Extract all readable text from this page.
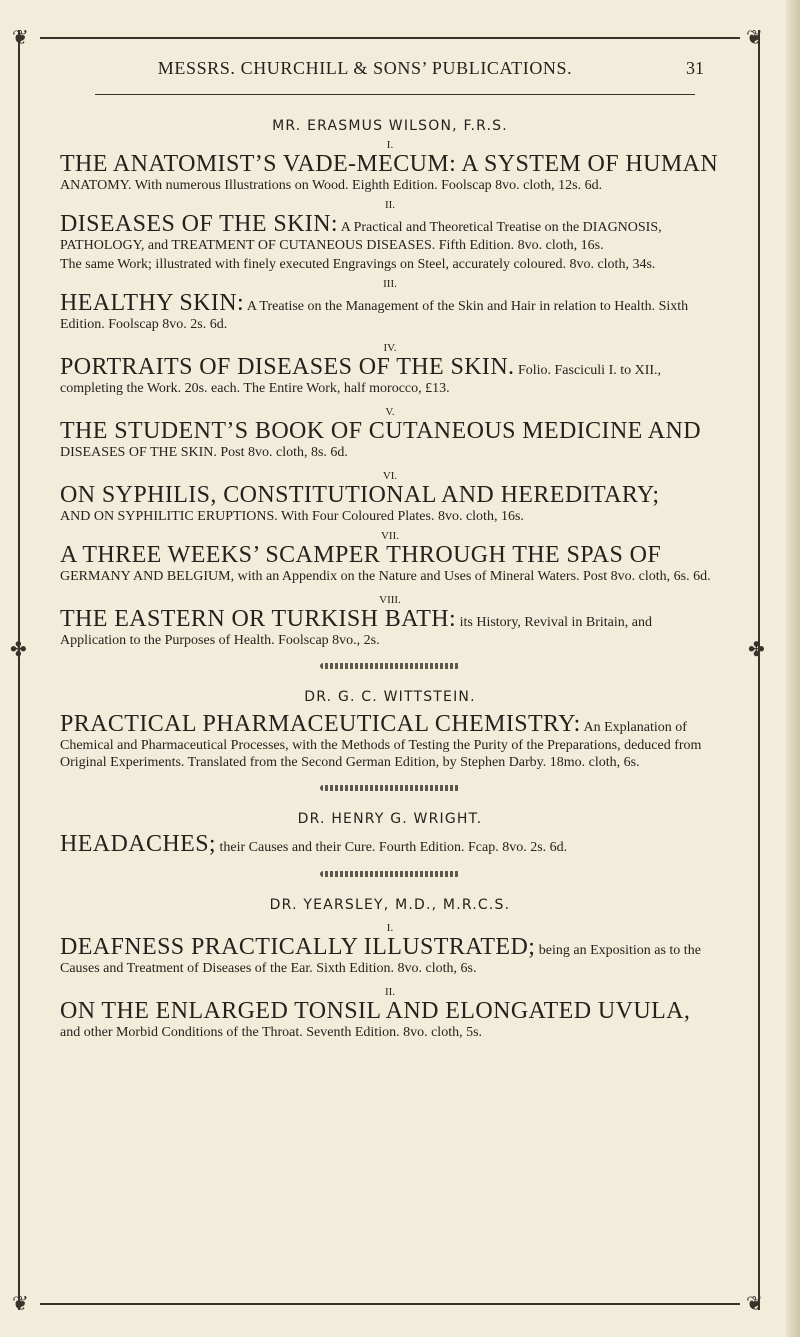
❦	❦
❦	❦
✤	✤
MESSRS. CHURCHILL & SONS’ PUBLICATIONS.	31

MR. ERASMUS WILSON, F.R.S.

I.

THE ANATOMIST’S VADE-MECUM: A SYSTEM OF HUMAN
ANATOMY. With numerous Illustrations on Wood. Eighth Edition. Foolscap 8vo. cloth, 12s. 6d.

II.

DISEASES OF THE SKIN: A Practical and Theoretical Treatise on the DIAGNOSIS, PATHOLOGY, and TREATMENT OF CUTANEOUS DISEASES. Fifth Edition. 8vo. cloth, 16s.

The same Work; illustrated with finely executed Engravings on Steel, accurately coloured. 8vo. cloth, 34s.

III.

HEALTHY SKIN: A Treatise on the Management of the Skin and Hair in relation to Health. Sixth Edition. Foolscap 8vo. 2s. 6d.

IV.

PORTRAITS OF DISEASES OF THE SKIN. Folio. Fasciculi I. to XII., completing the Work. 20s. each. The Entire Work, half morocco, £13.

V.

THE STUDENT’S BOOK OF CUTANEOUS MEDICINE AND
DISEASES OF THE SKIN. Post 8vo. cloth, 8s. 6d.

VI.

ON SYPHILIS, CONSTITUTIONAL AND HEREDITARY;
AND ON SYPHILITIC ERUPTIONS. With Four Coloured Plates. 8vo. cloth, 16s.

VII.

A THREE WEEKS’ SCAMPER THROUGH THE SPAS OF
GERMANY AND BELGIUM, with an Appendix on the Nature and Uses of Mineral Waters. Post 8vo. cloth, 6s. 6d.

VIII.

THE EASTERN OR TURKISH BATH: its History, Revival in Britain, and Application to the Purposes of Health. Foolscap 8vo., 2s.

DR. G. C. WITTSTEIN.

PRACTICAL PHARMACEUTICAL CHEMISTRY: An Explanation of Chemical and Pharmaceutical Processes, with the Methods of Testing the Purity of the Preparations, deduced from Original Experiments. Translated from the Second German Edition, by Stephen Darby. 18mo. cloth, 6s.

DR. HENRY G. WRIGHT.

HEADACHES; their Causes and their Cure. Fourth Edition. Fcap. 8vo. 2s. 6d.

DR. YEARSLEY, M.D., M.R.C.S.

I.

DEAFNESS PRACTICALLY ILLUSTRATED; being an Exposition as to the Causes and Treatment of Diseases of the Ear. Sixth Edition. 8vo. cloth, 6s.

II.

ON THE ENLARGED TONSIL AND ELONGATED UVULA,
and other Morbid Conditions of the Throat. Seventh Edition. 8vo. cloth, 5s.
